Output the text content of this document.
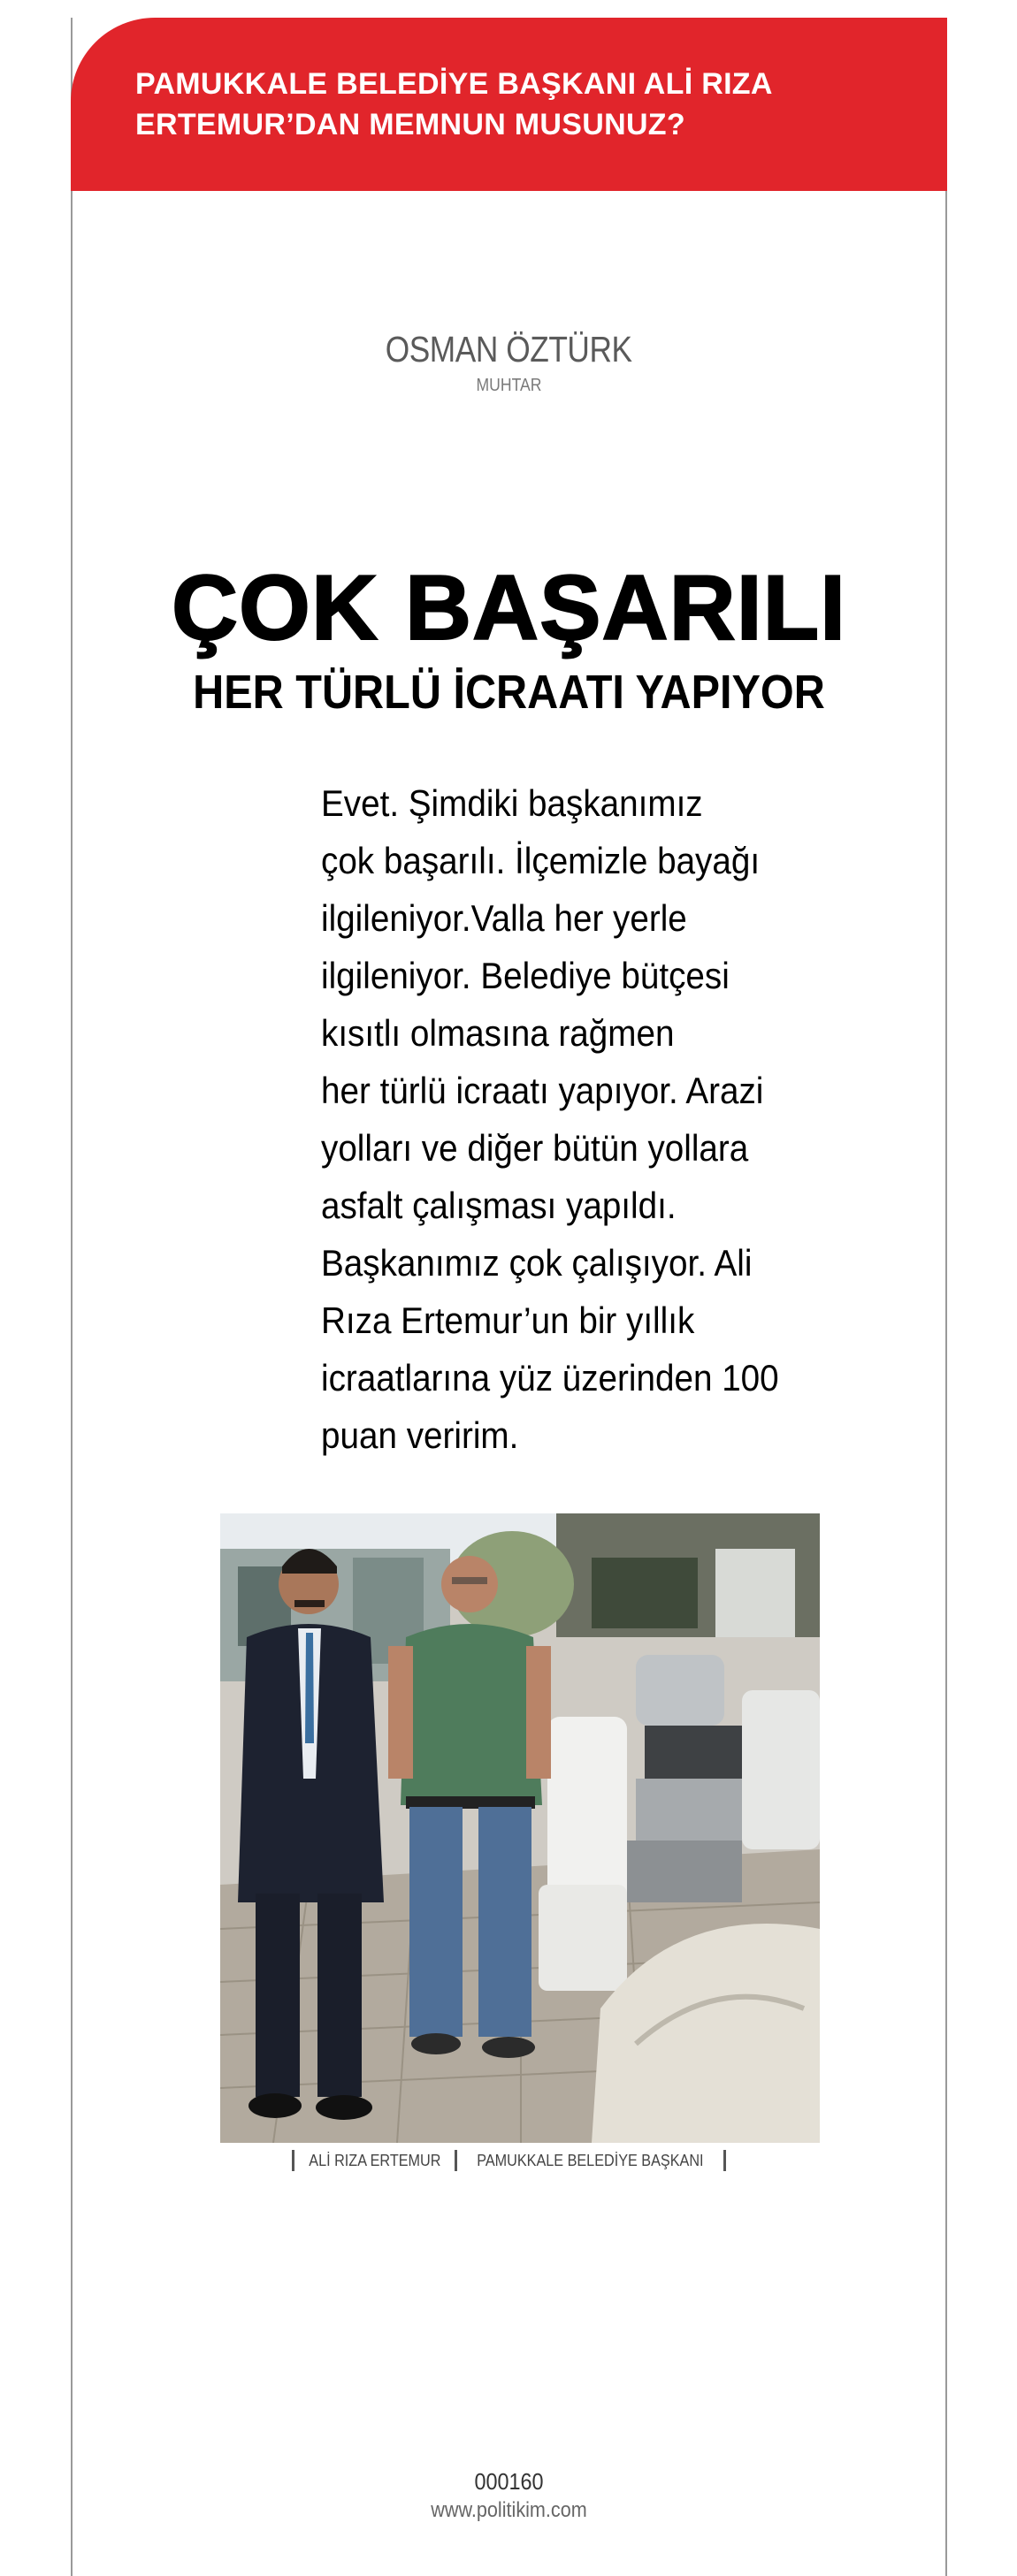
PAMUKKALE BELEDİYE BAŞKANI ALİ RIZA
ERTEMUR’DAN MEMNUN MUSUNUZ?
OSMAN ÖZTÜRK
MUHTAR
ÇOK BAŞARILI
HER TÜRLÜ İCRAATI YAPIYOR
Evet. Şimdiki başkanımız
çok başarılı. İlçemizle bayağı
ilgileniyor.Valla her yerle
ilgileniyor. Belediye bütçesi
kısıtlı olmasına rağmen
her türlü icraatı yapıyor. Arazi
yolları ve diğer bütün yollara
asfalt çalışması yapıldı.
Başkanımız çok çalışıyor. Ali
Rıza Ertemur’un bir yıllık
icraatlarına yüz üzerinden 100
puan veririm.
ALİ RIZA ERTEMUR PAMUKKALE BELEDİYE BAŞKANI
000160
www.politikim.com
